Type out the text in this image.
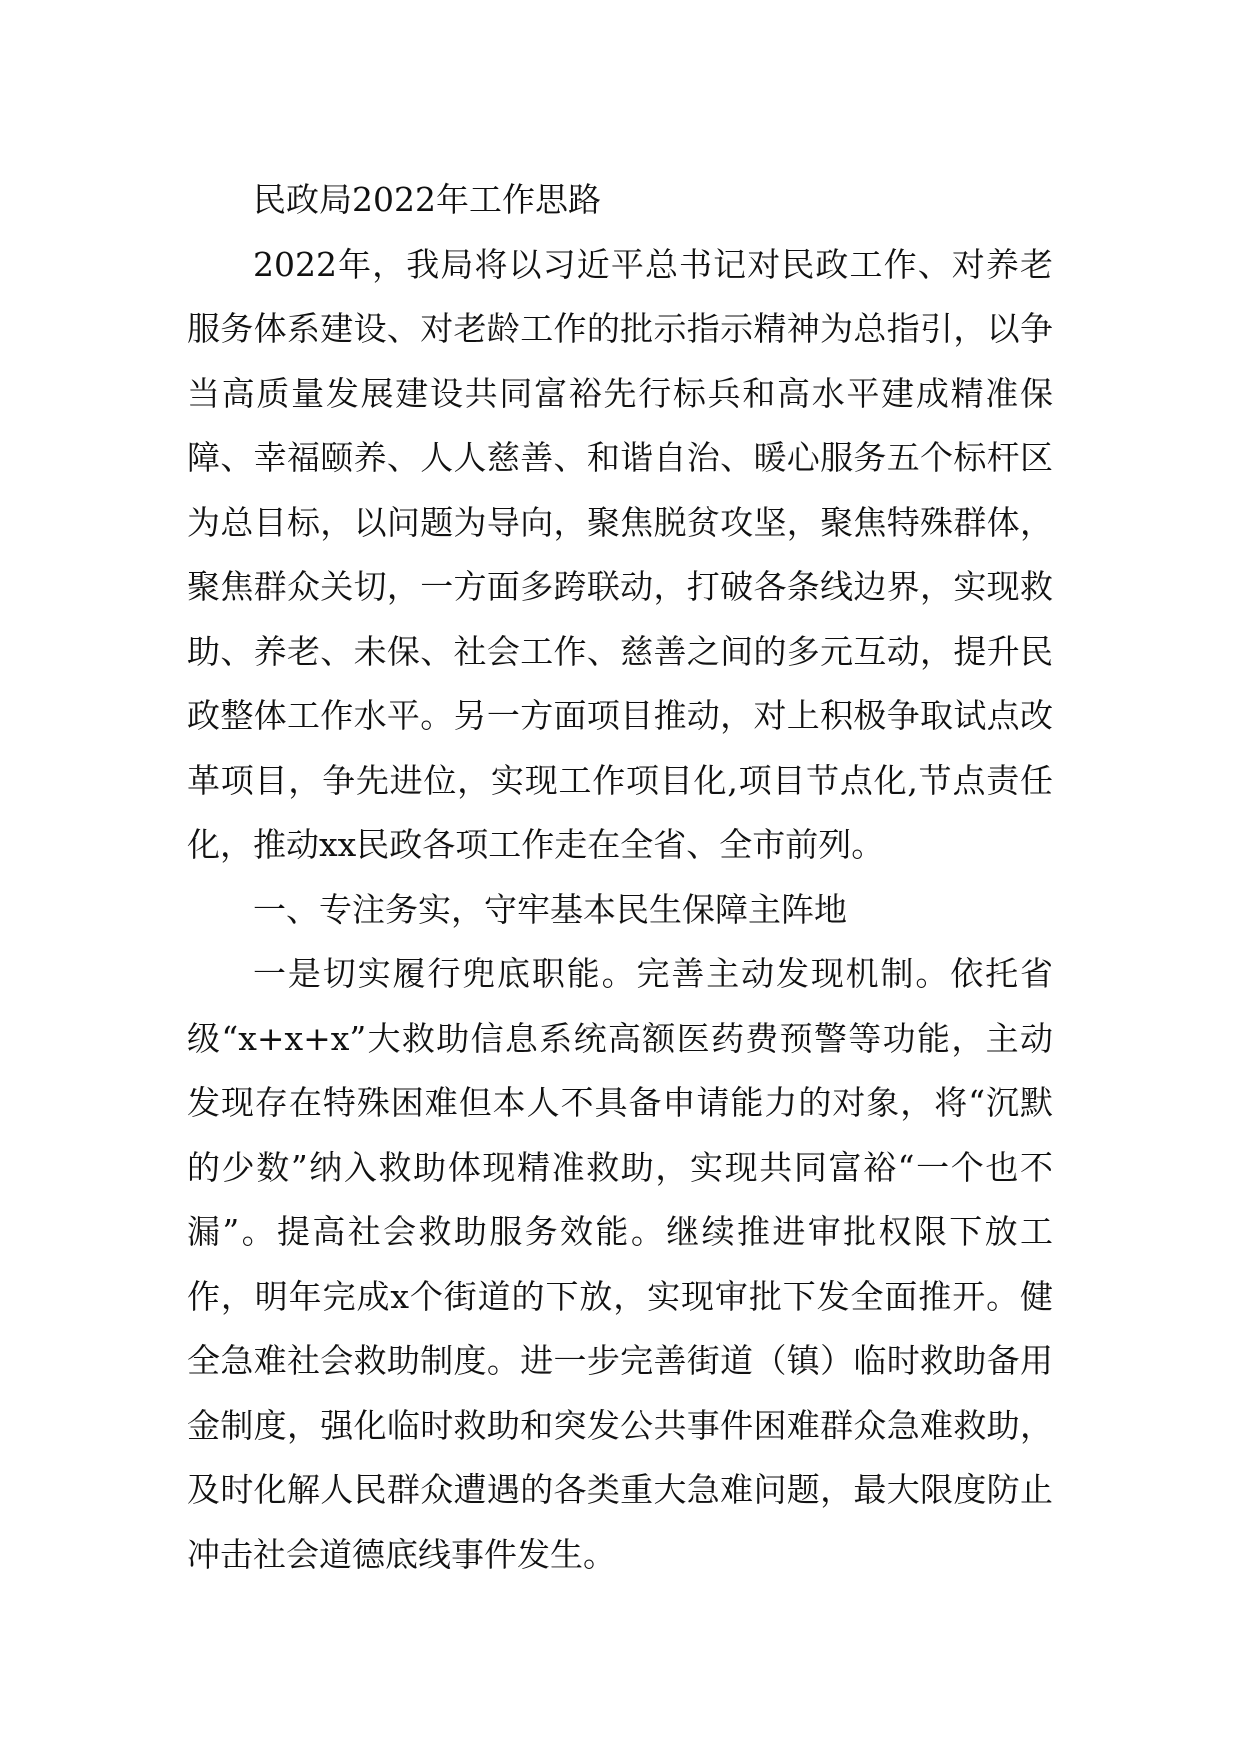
民政局2022年工作思路

2022年，我局将以习近平总书记对民政工作、对养老服务体系建设、对老龄工作的批示指示精神为总指引，以争当高质量发展建设共同富裕先行标兵和高水平建成精准保障、幸福颐养、人人慈善、和谐自治、暖心服务五个标杆区为总目标，以问题为导向，聚焦脱贫攻坚，聚焦特殊群体，聚焦群众关切，一方面多跨联动，打破各条线边界，实现救助、养老、未保、社会工作、慈善之间的多元互动，提升民政整体工作水平。另一方面项目推动，对上积极争取试点改革项目，争先进位，实现工作项目化,项目节点化,节点责任化，推动xx民政各项工作走在全省、全市前列。

一、专注务实，守牢基本民生保障主阵地

一是切实履行兜底职能。完善主动发现机制。依托省级“x+x+x”大救助信息系统高额医药费预警等功能，主动发现存在特殊困难但本人不具备申请能力的对象，将“沉默的少数”纳入救助体现精准救助，实现共同富裕“一个也不漏”。提高社会救助服务效能。继续推进审批权限下放工作，明年完成x个街道的下放，实现审批下发全面推开。健全急难社会救助制度。进一步完善街道（镇）临时救助备用金制度，强化临时救助和突发公共事件困难群众急难救助，及时化解人民群众遭遇的各类重大急难问题，最大限度防止冲击社会道德底线事件发生。
